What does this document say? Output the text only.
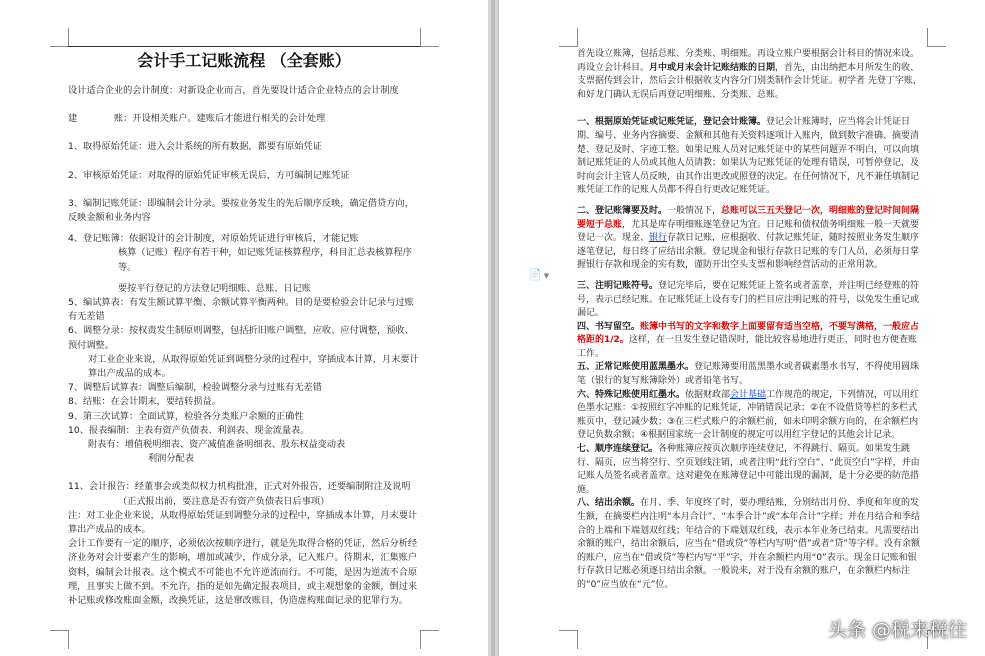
会计手工记账流程 （全套账）
设计适合企业的会计制度：对新设企业而言，首先要设计适合企业特点的会计制度
建　　　　账：开设相关账户。建账后才能进行相关的会计处理
1、取得原始凭证：进入会计系统的所有数据，都要有原始凭证
2、审核原始凭证：对取得的原始凭证审核无误后，方可编制记账凭证
3、编制记账凭证：即编制会计分录。要按业务发生的先后顺序反映，确定借贷方向，反映金额和业务内容
4、登记账簿：依据设计的会计制度，对原始凭证进行审核后，才能记账
核算（记账）程序有若干种，如记账凭证核算程序，科目汇总表核算程序等。
要按平行登记的方法登记明细账、总账、日记账
5、编试算表：有发生额试算平衡、余额试算平衡两种。目的是要检验会计记录与过账有无差错
6、调整分录：按权责发生制原则调整，包括折旧账户调整，应收、应付调整，预收、预付调整。
对工业企业来说，从取得原始凭证到调整分录的过程中，穿插成本计算，月末要计算出产成品的成本。
7、调整后试算表：调整后编制，检验调整分录与过账有无差错
8、结账：在会计期末，要结转损益。
9、第三次试算：全面试算，检验各分类账户余额的正确性
10、报表编制：主表有资产负债表、利润表、现金流量表。
附表有：增值税明细表、资产减值准备明细表、股东权益变动表
利润分配表
11、会计报告：经董事会或类似权力机构批准，正式对外报告，还要编制附注及说明
（正式报出前，要注意是否有资产负债表日后事项）
注：对工业企业来说，从取得原始凭证到调整分录的过程中，穿插成本计算，月末要计算出产成品的成本。
会计工作要有一定的顺序，必须依次按顺序进行，就是先取得合格的凭证，然后分析经济业务对会计要素产生的影响，增加或减少，作成分录，记入账户。待期末，汇集账户资料，编制会计报表。这个模式不可能也不允许逆流而行。不可能，是因为逆流不合原理，且事实上做不到。不允许，指的是如先确定报表项目，或主观想象的金额，倒过来补记账或修改账面金额，改换凭证，这是窜改账目，伪造虚构账面记录的犯罪行为。
首先设立账簿，包括总账、分类账、明细账。再设立账户要根据会计科目的情况来设。再设立会计科目。月中或月末会计记账结账的日期，首先，由出纳把本月所发生的收、支票据传到会计，然后会计根据收支内容分门别类制作会计凭证。初学者 先登丁字账，和好龙门确认无误后再登记明细账、分类账、总账。
一、根据原始凭证或记账凭证，登记会计账簿。登记会计账簿时，应当将会计凭证日期、编号、业务内容摘要、金额和其他有关资料逐项计入账内，做到数字准确、摘要清楚、登记及时、字迹工整。如果记账人员对记账凭证中的某些问题弄不明白，可以向填制记账凭证的人员或其他人员请教；如果认为记账凭证的处理有错误，可暂停登记，及时向会计主管人员反映，由其作出更改或照登的决定。在任何情况下，凡不兼任填制记账凭证工作的记账人员都不得自行更改记账凭证。
二、登记账簿要及时。一般情况下，总账可以三五天登记一次，明细账的登记时间间隔要短于总账，尤其是库存明细账逐笔登记为宜。日记账和债权债务明细账一般一天就要登记一次。现金、银行存款日记账，应根据收、付款记账凭证，随时按照业务发生顺序逐笔登记，每日终了应结出余额。登记现金和银行存款日记账的专门人员，必须每日掌握银行存款和现金的实有数，谨防开出空头支票和影响经营活动的正常用款。
三、注明记账符号。登记完毕后，要在记账凭证上签名或者盖章，并注明已经登账的符号，表示已经记账。在记账凭证上设有专门的栏目应注明记账的符号，以免发生重记或漏记。
四、书写留空。账簿中书写的文字和数字上面要留有适当空格，不要写满格，一般应占格距的1/2。这样，在一旦发生登记错误时，能比较容易地进行更正，同时也方便查账工作。
五、正常记账使用蓝黑墨水。登记账簿要用蓝黑墨水或者碳素墨水书写，不得使用圆珠笔（银行的复写账簿除外）或者铅笔书写。
六、特殊记账使用红墨水。依据财政部会计基础工作规范的规定，下列情况，可以用红色墨水记账：①按照红字冲账的记账凭证，冲销错误记录；②在不设借贷等栏的多栏式账页中，登记减少数；③在三栏式账户的余额栏前，如未印明余额方向的，在余额栏内登记负数余额；④根据国家统一会计制度的规定可以用红字登记的其他会计记录。
七、顺序连续登记。各种账簿应按页次顺序连续登记，不得跳行、隔页。如果发生跳行、隔页，应当将空行、空页划线注销，或者注明“此行空白”、“此页空白”字样，并由记账人员签名或者盖章。这对避免在账簿登记中可能出现的漏洞，是十分必要的防范措施。
八、结出余额。在月、季、年度终了时，要办理结账，分别结出月份、季度和年度的发生额，在摘要栏内注明“本月合计”、“本季合计”或“本年合计”字样；并在月结合和季结合的上端和下端划双红线；年结合的下端划双红线，表示本年业务已结束。凡需要结出余额的账户，结出余额后，应当在“借或贷”等栏内写明“借”或者“贷”等字样。没有余额的账户，应当在“借或贷”等栏内写“平”字，并在余额栏内用“0”表示。现金日记账和银行存款日记账必须逐日结出余额。一般说来，对于没有余额的账户，在余额栏内标注的“0”应当放在“元”位。
📄 ▼
头条 @税来税往
